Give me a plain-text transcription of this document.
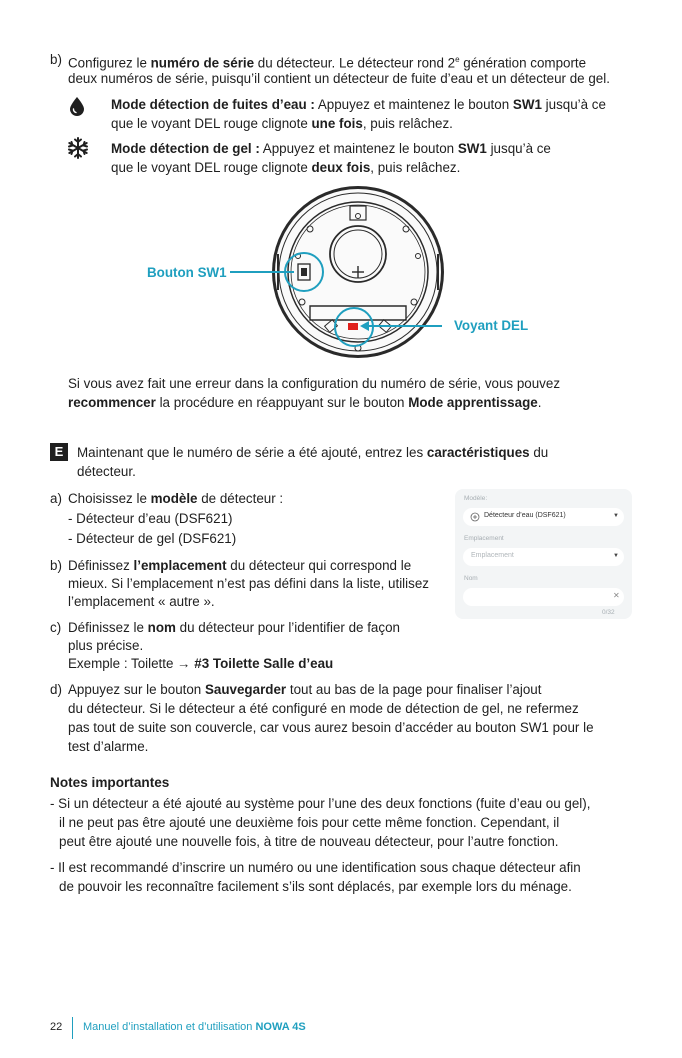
b) Configurez le numéro de série du détecteur. Le détecteur rond 2e génération comporte
deux numéros de série, puisqu’il contient un détecteur de fuite d’eau et un détecteur de gel.
Mode détection de fuites d’eau : Appuyez et maintenez le bouton SW1 jusqu’à ce
que le voyant DEL rouge clignote une fois, puis relâchez.
Mode détection de gel : Appuyez et maintenez le bouton SW1 jusqu’à ce
que le voyant DEL rouge clignote deux fois, puis relâchez.
Bouton SW1
Voyant DEL
Si vous avez fait une erreur dans la configuration du numéro de série, vous pouvez
recommencer la procédure en réappuyant sur le bouton Mode apprentissage.
E	Maintenant que le numéro de série a été ajouté, entrez les caractéristiques du
détecteur.
a) Choisissez le modèle de détecteur :
- Détecteur d’eau (DSF621)
- Détecteur de gel (DSF621)
b) Définissez l’emplacement du détecteur qui correspond le
mieux. Si l’emplacement n’est pas défini dans la liste, utilisez
l’emplacement « autre ».
c) Définissez le nom du détecteur pour l’identifier de façon
plus précise.
Exemple : Toilette → #3 Toilette Salle d’eau
Modèle:
Détecteur d’eau (DSF621)	▼
Emplacement
Emplacement	▼
Nom
✕
0/32
d) Appuyez sur le bouton Sauvegarder tout au bas de la page pour finaliser l’ajout
du détecteur. Si le détecteur a été configuré en mode de détection de gel, ne refermez
pas tout de suite son couvercle, car vous aurez besoin d’accéder au bouton SW1 pour le
test d’alarme.
Notes importantes
- Si un détecteur a été ajouté au système pour l’une des deux fonctions (fuite d’eau ou gel),
il ne peut pas être ajouté une deuxième fois pour cette même fonction. Cependant, il
peut être ajouté une nouvelle fois, à titre de nouveau détecteur, pour l’autre fonction.
- Il est recommandé d’inscrire un numéro ou une identification sous chaque détecteur afin
de pouvoir les reconnaître facilement s’ils sont déplacés, par exemple lors du ménage.
22 Manuel d’installation et d’utilisation NOWA 4S
